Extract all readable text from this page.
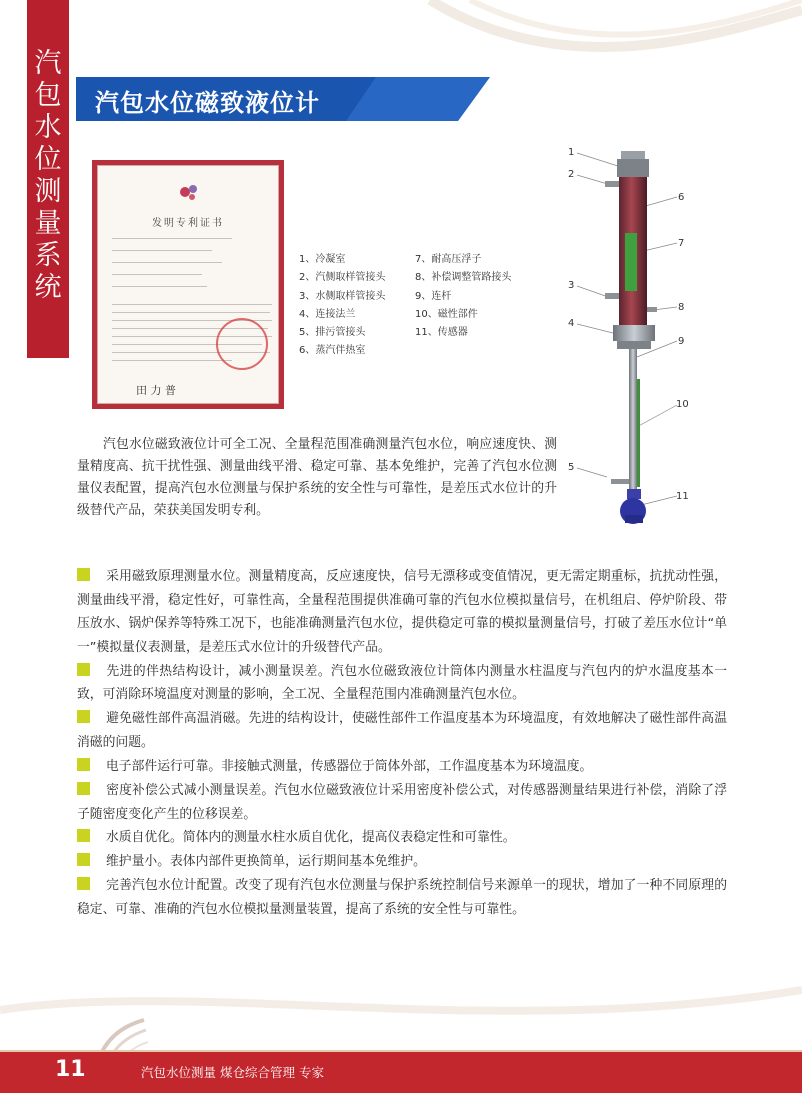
汽
包
水
位
测
量
系
统
汽包水位磁致液位计
发明专利证书
田 力 普
1、冷凝室
2、汽侧取样管接头
3、水侧取样管接头
4、连接法兰
5、排污管接头
6、蒸汽伴热室
7、耐高压浮子
8、补偿调整管路接头
9、连杆
10、磁性部件
11、传感器
1
2
6
7
3
8
4
9
10
5
11

汽包水位磁致液位计可全工况、全量程范围准确测量汽包水位，响应速度快、测量精度高、抗干扰性强、测量曲线平滑、稳定可靠、基本免维护，完善了汽包水位测量仪表配置，提高汽包水位测量与保护系统的安全性与可靠性，是差压式水位计的升级替代产品，荣获美国发明专利。

采用磁致原理测量水位。测量精度高，反应速度快，信号无漂移或变值情况，更无需定期重标，抗扰动性强，测量曲线平滑，稳定性好，可靠性高，全量程范围提供准确可靠的汽包水位模拟量信号，在机组启、停炉阶段、带压放水、锅炉保养等特殊工况下，也能准确测量汽包水位，提供稳定可靠的模拟量测量信号，打破了差压水位计“单一”模拟量仪表测量，是差压式水位计的升级替代产品。

先进的伴热结构设计，减小测量误差。汽包水位磁致液位计筒体内测量水柱温度与汽包内的炉水温度基本一致，可消除环境温度对测量的影响，全工况、全量程范围内准确测量汽包水位。

避免磁性部件高温消磁。先进的结构设计，使磁性部件工作温度基本为环境温度，有效地解决了磁性部件高温消磁的问题。

电子部件运行可靠。非接触式测量，传感器位于筒体外部，工作温度基本为环境温度。

密度补偿公式减小测量误差。汽包水位磁致液位计采用密度补偿公式，对传感器测量结果进行补偿，消除了浮子随密度变化产生的位移误差。

水质自优化。简体内的测量水柱水质自优化，提高仪表稳定性和可靠性。

维护量小。表体内部件更换简单，运行期间基本免维护。

完善汽包水位计配置。改变了现有汽包水位测量与保护系统控制信号来源单一的现状，增加了一种不同原理的稳定、可靠、准确的汽包水位模拟量测量装置，提高了系统的安全性与可靠性。

11	汽包水位测量 煤仓综合管理 专家
